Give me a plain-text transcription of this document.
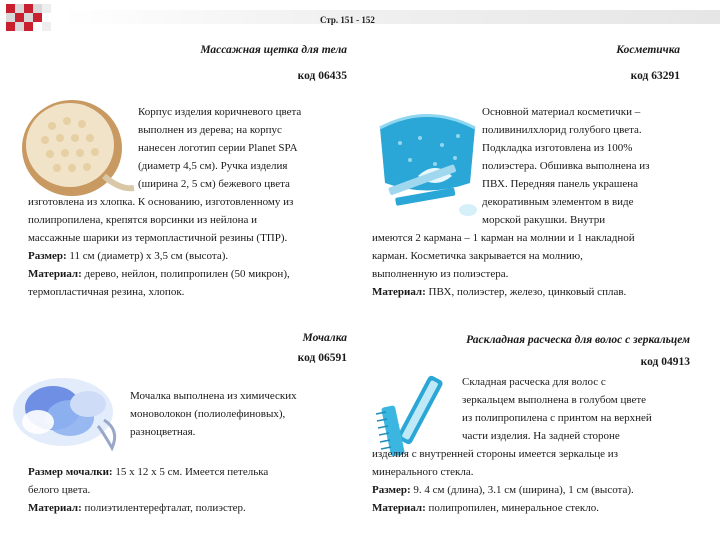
Стр. 151 - 152
Массажная щетка для тела
код 06435
Корпус изделия коричневого цвета
выполнен из дерева; на корпус
нанесен логотип серии Planet SPA
(диаметр 4,5 см). Ручка изделия
(ширина 2, 5 см) бежевого цвета
изготовлена из хлопка. К основанию, изготовленному из
полипропилена, крепятся ворсинки из нейлона и
массажные шарики из термопластичной резины (ТПР).
Размер: 11 см (диаметр) х 3,5 см (высота).
Материал: дерево, нейлон, полипропилен (50 микрон),
термопластичная резина, хлопок.
Косметичка
код 63291
Основной материал косметички –
поливинилхлорид голубого цвета.
Подкладка изготовлена из 100%
полиэстера. Обшивка выполнена из
ПВХ. Передняя панель украшена
декоративным элементом в виде
морской ракушки. Внутри
имеются 2 кармана – 1 карман на молнии и 1 накладной
карман. Косметичка закрывается на молнию,
выполненную из полиэстера.
Материал: ПВХ, полиэстер, железо, цинковый сплав.
Мочалка
код 06591
Мочалка выполнена из химических
моноволокон (полиолефиновых),
разноцветная.
Размер мочалки: 15 х 12 х 5 см. Имеется петелька
белого цвета.
Материал: полиэтилентерефталат, полиэстер.
Раскладная расческа для волос с зеркальцем
код 04913
Складная расческа для волос с
зеркальцем выполнена в голубом цвете
из полипропилена с принтом на верхней
части изделия. На задней стороне
изделия с внутренней стороны имеется зеркальце из
минерального стекла.
Размер: 9. 4 см (длина), 3.1 см (ширина), 1 см (высота).
Материал: полипропилен, минеральное стекло.
